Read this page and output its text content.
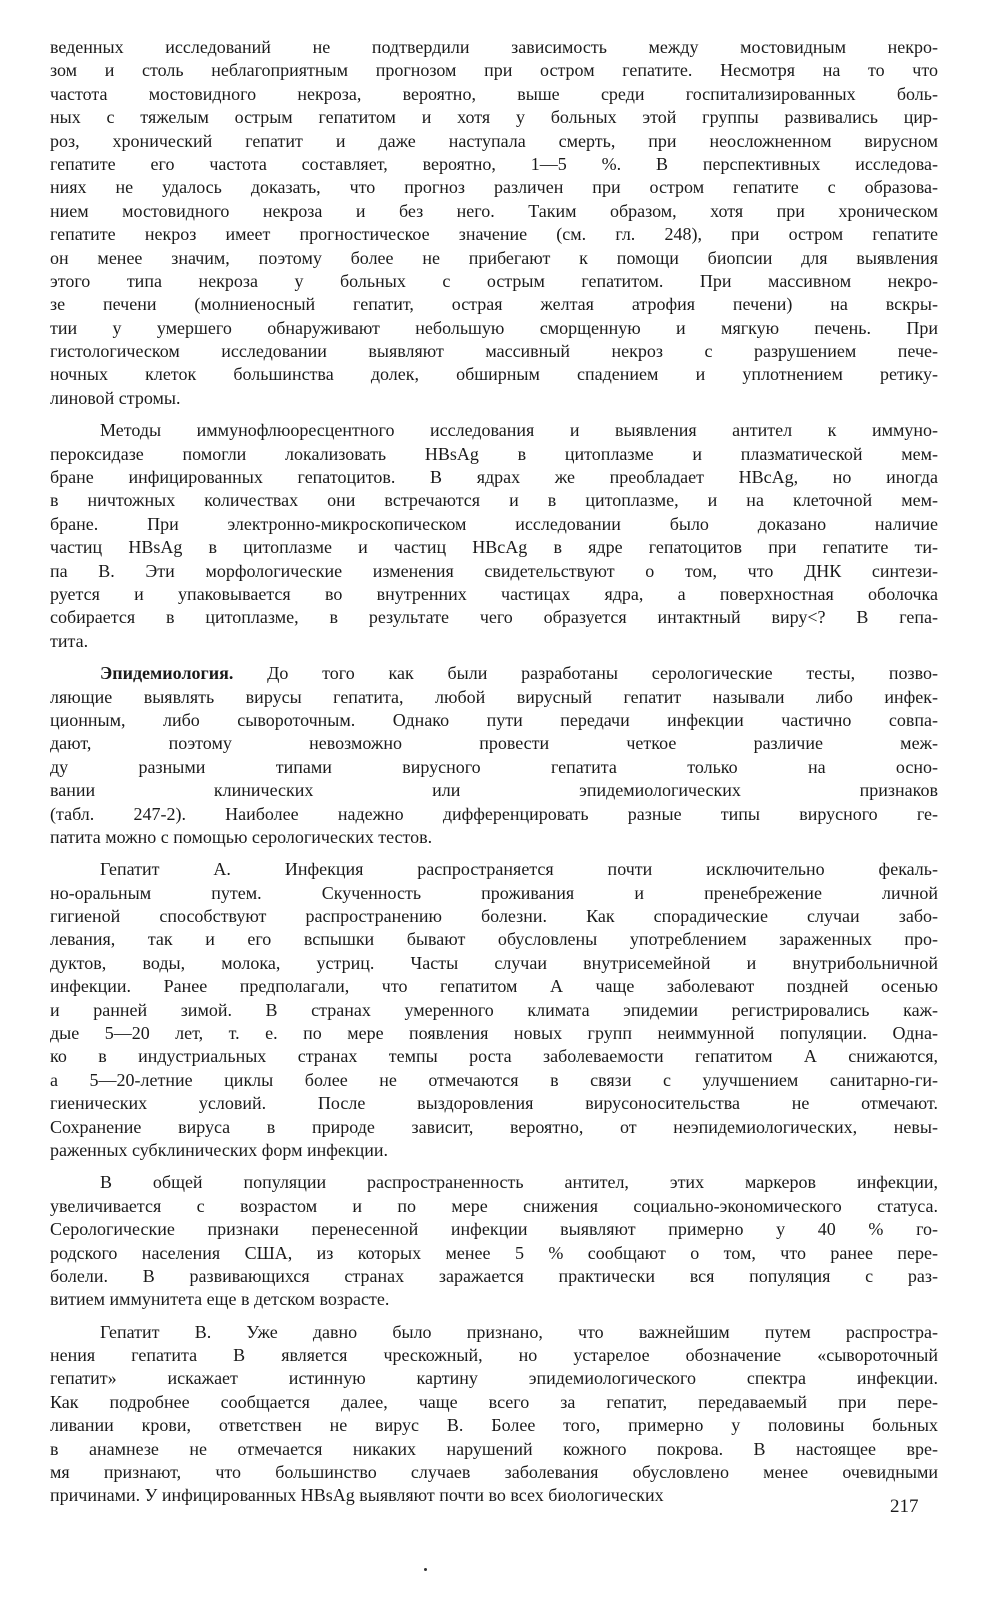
веденных исследований не подтвердили зависимость между мостовидным некро-
зом и столь неблагоприятным прогнозом при остром гепатите. Несмотря на то что
частота мостовидного некроза, вероятно, выше среди госпитализированных боль-
ных с тяжелым острым гепатитом и хотя у больных этой группы развивались цир-
роз, хронический гепатит и даже наступала смерть, при неосложненном вирусном
гепатите его частота составляет, вероятно, 1—5 %. В перспективных исследова-
ниях не удалось доказать, что прогноз различен при остром гепатите с образова-
нием мостовидного некроза и без него. Таким образом, хотя при хроническом
гепатите некроз имеет прогностическое значение (см. гл. 248), при остром гепатите
он менее значим, поэтому более не прибегают к помощи биопсии для выявления
этого типа некроза у больных с острым гепатитом. При массивном некро-
зе печени (молниеносный гепатит, острая желтая атрофия печени) на вскры-
тии у умершего обнаруживают небольшую сморщенную и мягкую печень. При
гистологическом исследовании выявляют массивный некроз с разрушением пече-
ночных клеток большинства долек, обширным спадением и уплотнением ретику-
линовой стромы.
Методы иммунофлюоресцентного исследования и выявления антител к иммуно-
пероксидазе помогли локализовать HBsAg в цитоплазме и плазматической мем-
бране инфицированных гепатоцитов. В ядрах же преобладает HBcAg, но иногда
в ничтожных количествах они встречаются и в цитоплазме, и на клеточной мем-
бране. При электронно-микроскопическом исследовании было доказано наличие
частиц HBsAg в цитоплазме и частиц HBcAg в ядре гепатоцитов при гепатите ти-
па В. Эти морфологические изменения свидетельствуют о том, что ДНК синтези-
руется и упаковывается во внутренних частицах ядра, а поверхностная оболочка
собирается в цитоплазме, в результате чего образуется интактный виру<? В гепа-
тита.
Эпидемиология. До того как были разработаны серологические тесты, позво-
ляющие выявлять вирусы гепатита, любой вирусный гепатит называли либо инфек-
ционным, либо сывороточным. Однако пути передачи инфекции частично совпа-
дают, поэтому невозможно провести четкое различие меж-
ду разными типами вирусного гепатита только на осно-
вании клинических или эпидемиологических признаков
(табл. 247-2). Наиболее надежно дифференцировать разные типы вирусного ге-
патита можно с помощью серологических тестов.
Гепатит А. Инфекция распространяется почти исключительно фекаль-
но-оральным путем. Скученность проживания и пренебрежение личной
гигиеной способствуют распространению болезни. Как спорадические случаи забо-
левания, так и его вспышки бывают обусловлены употреблением зараженных про-
дуктов, воды, молока, устриц. Часты случаи внутрисемейной и внутрибольничной
инфекции. Ранее предполагали, что гепатитом А чаще заболевают поздней осенью
и ранней зимой. В странах умеренного климата эпидемии регистрировались каж-
дые 5—20 лет, т. е. по мере появления новых групп неиммунной популяции. Одна-
ко в индустриальных странах темпы роста заболеваемости гепатитом А снижаются,
а 5—20-летние циклы более не отмечаются в связи с улучшением санитарно-ги-
гиенических условий. После выздоровления вирусоносительства не отмечают.
Сохранение вируса в природе зависит, вероятно, от неэпидемиологических, невы-
раженных субклинических форм инфекции.
В общей популяции распространенность антител, этих маркеров инфекции,
увеличивается с возрастом и по мере снижения социально-экономического статуса.
Серологические признаки перенесенной инфекции выявляют примерно у 40 % го-
родского населения США, из которых менее 5 % сообщают о том, что ранее пере-
болели. В развивающихся странах заражается практически вся популяция с раз-
витием иммунитета еще в детском возрасте.
Гепатит В. Уже давно было признано, что важнейшим путем распростра-
нения гепатита В является чрескожный, но устарелое обозначение «сывороточный
гепатит» искажает истинную картину эпидемиологического спектра инфекции.
Как подробнее сообщается далее, чаще всего за гепатит, передаваемый при пере-
ливании крови, ответствен не вирус В. Более того, примерно у половины больных
в анамнезе не отмечается никаких нарушений кожного покрова. В настоящее вре-
мя признают, что большинство случаев заболевания обусловлено менее очевидными
причинами. У инфицированных HBsAg выявляют почти во всех биологических
217
